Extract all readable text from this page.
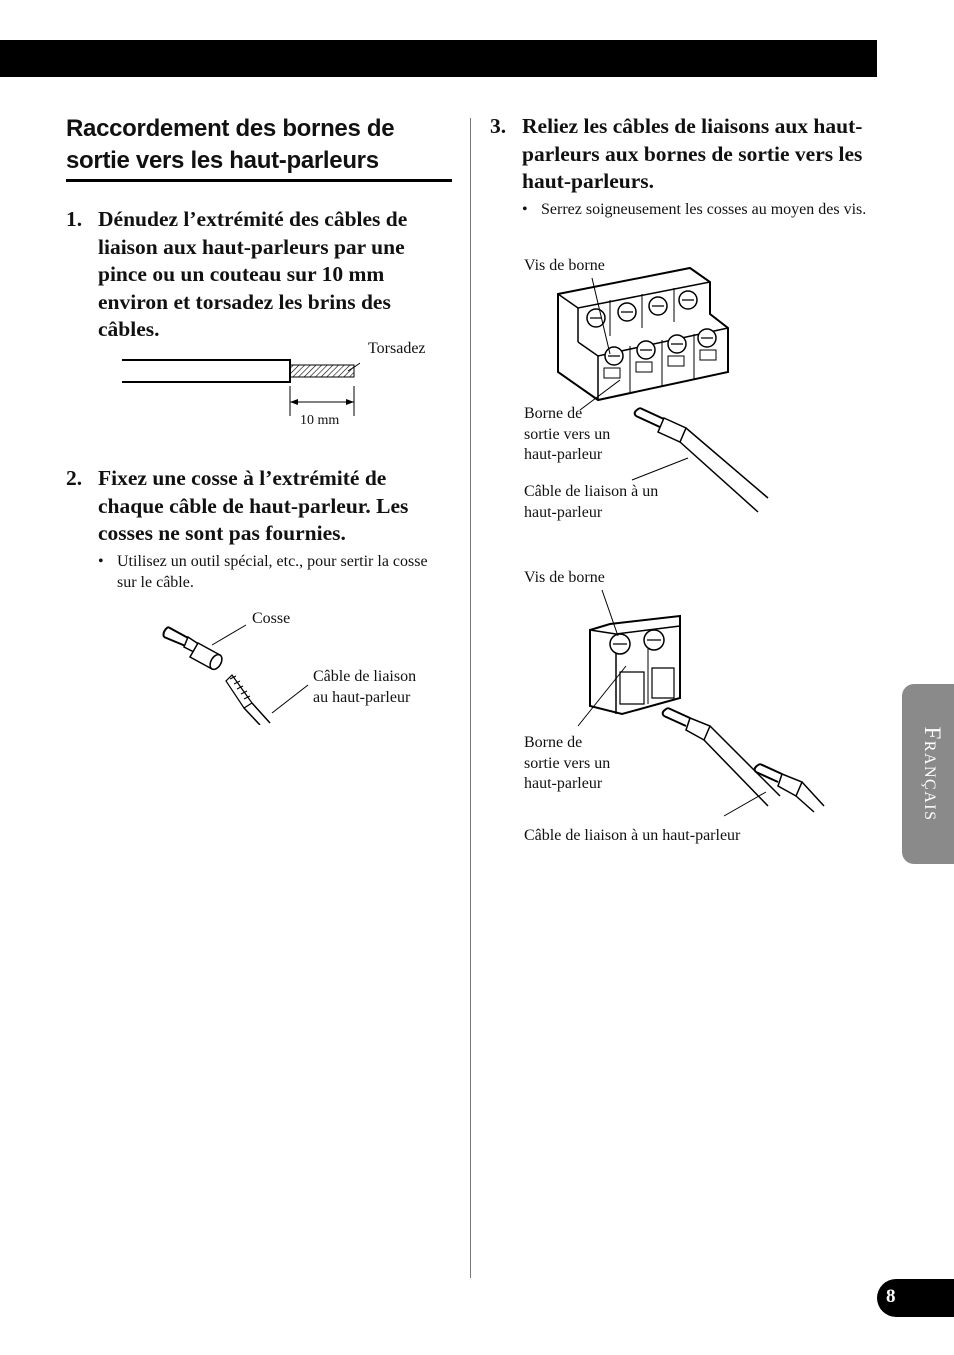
Raccordement des bornes de
sortie vers les haut-parleurs

1. Dénudez l’extrémité des câbles de liaison aux haut-parleurs par une pince ou un couteau sur 10 mm environ et torsadez les brins des câbles.

Torsadez
10 mm

2. Fixez une cosse à l’extrémité de chaque câble de haut-parleur. Les cosses ne sont pas fournies.

• Utilisez un outil spécial, etc., pour sertir la cosse sur le câble.

Cosse
Câble de liaison
au haut-parleur

3. Reliez les câbles de liaisons aux haut-parleurs aux bornes de sortie vers les haut-parleurs.

• Serrez soigneusement les cosses au moyen des vis.

Vis de borne
Borne de
sortie vers un
haut-parleur
Câble de liaison à un
haut-parleur
Vis de borne
Borne de
sortie vers un
haut-parleur
Câble de liaison à un haut-parleur
Français
8
